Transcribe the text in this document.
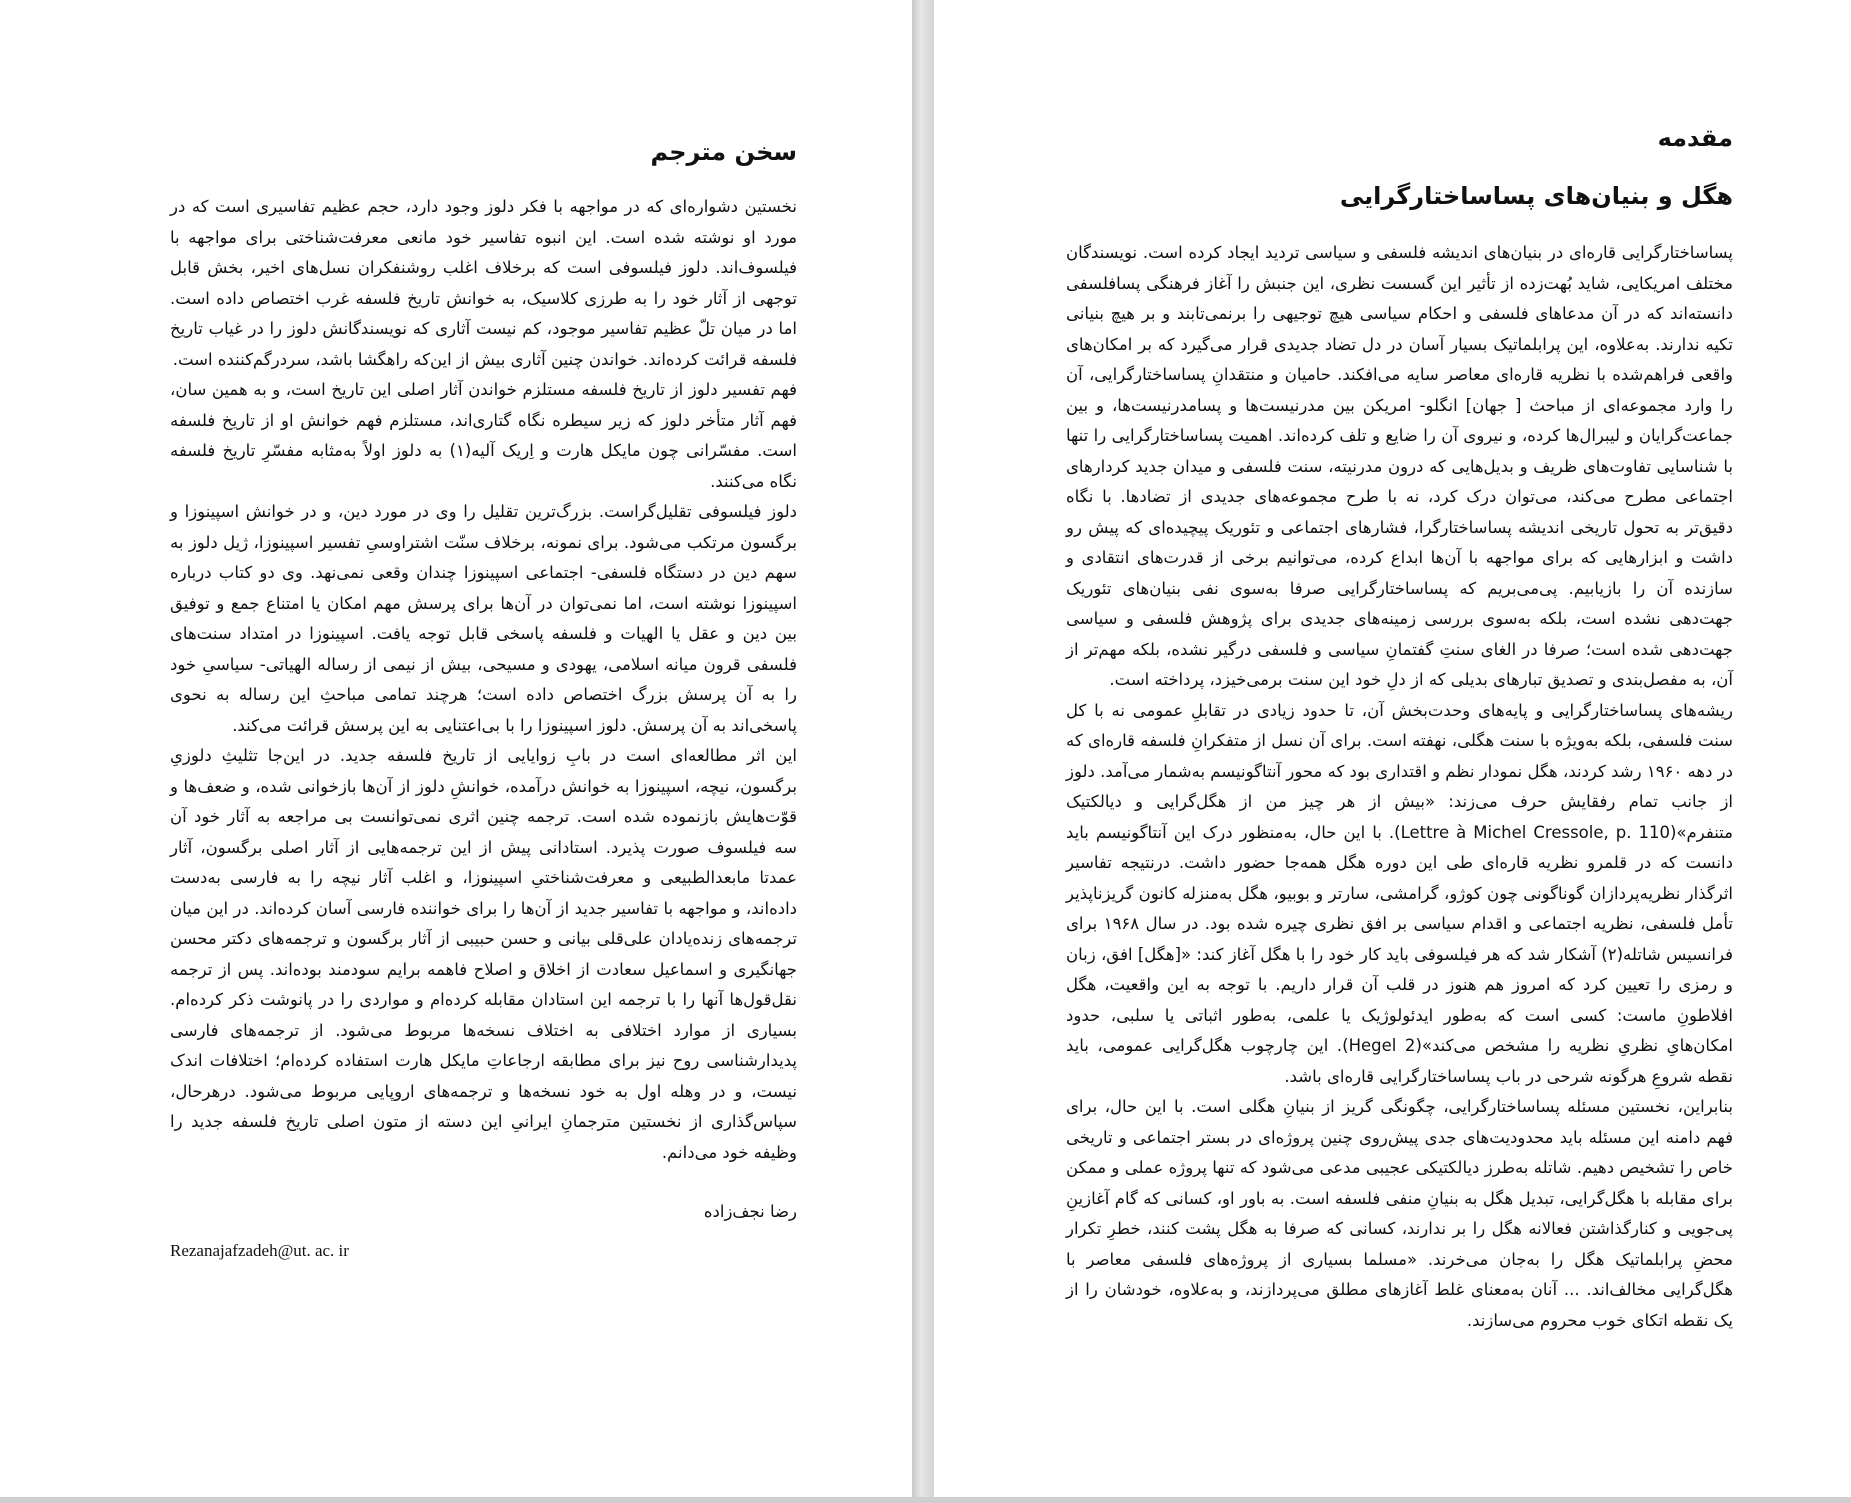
سخن مترجم

نخستین دشواره‌ای که در مواجهه با فکر دلوز وجود دارد، حجم عظیم تفاسیری است که در مورد او نوشته شده است. این انبوه تفاسیر خود مانعی معرفت‌شناختی برای مواجهه با فیلسوف‌اند. دلوز فیلسوفی است که برخلاف اغلب روشنفکران نسل‌های اخیر، بخش قابل توجهی از آثار خود را به طرزی کلاسیک، به خوانش تاریخ فلسفه غرب اختصاص داده است. اما در میان تلّ عظیم تفاسیر موجود، کم نیست آثاری که نویسندگانش دلوز را در غیاب تاریخ فلسفه قرائت کرده‌اند. خواندن چنین آثاری بیش از این‌که راهگشا باشد، سردرگم‌کننده است.

فهم تفسیر دلوز از تاریخ فلسفه مستلزم خواندن آثار اصلی این تاریخ است، و به همین سان، فهم آثار متأخر دلوز که زیر سیطره نگاه گتاری‌اند، مستلزم فهم خوانش او از تاریخ فلسفه است. مفسّرانی چون مایکل هارت و اِریک آلیه(۱) به دلوز اولاً به‌مثابه مفسّرِ تاریخ فلسفه نگاه می‌کنند.

دلوز فیلسوفی تقلیل‌گراست. بزرگ‌ترین تقلیل را وی در مورد دین، و در خوانش اسپینوزا و برگسون مرتکب می‌شود. برای نمونه، برخلاف سنّت اشتراوسیِ تفسیر اسپینوزا، ژیل دلوز به سهم دین در دستگاه فلسفی- اجتماعی اسپینوزا چندان وقعی نمی‌نهد. وی دو کتاب درباره اسپینوزا نوشته است، اما نمی‌توان در آن‌ها برای پرسش مهم امکان یا امتناع جمع و توفیق بین دین و عقل یا الهیات و فلسفه پاسخی قابل توجه یافت. اسپینوزا در امتداد سنت‌های فلسفی قرون میانه اسلامی، یهودی و مسیحی، بیش از نیمی از رساله الهیاتی- سیاسیِ خود را به آن پرسش بزرگ اختصاص داده است؛ هرچند تمامی مباحثِ این رساله به نحوی پاسخی‌اند به آن پرسش. دلوز اسپینوزا را با بی‌اعتنایی به این پرسش قرائت می‌کند.

این اثر مطالعه‌ای است در بابِ زوایایی از تاریخ فلسفه جدید. در این‌جا تثلیثِ دلوزیِ برگسون، نیچه، اسپینوزا به خوانش درآمده، خوانشِ دلوز از آن‌ها بازخوانی شده، و ضعف‌ها و قوّت‌هایش بازنموده شده است. ترجمه چنین اثری نمی‌توانست بی مراجعه به آثار خود آن سه فیلسوف صورت پذیرد. استادانی پیش از این ترجمه‌هایی از آثار اصلی برگسون، آثار عمدتا مابعدالطبیعی و معرفت‌شناختیِ اسپینوزا، و اغلب آثار نیچه را به فارسی به‌دست داده‌اند، و مواجهه با تفاسیر جدید از آن‌ها را برای خواننده فارسی آسان کرده‌اند. در این میان ترجمه‌های زنده‌یادان علی‌قلی بیانی و حسن حبیبی از آثار برگسون و ترجمه‌های دکتر محسن جهانگیری و اسماعیل سعادت از اخلاق و اصلاح فاهمه برایم سودمند بوده‌اند. پس از ترجمه نقل‌قول‌ها آنها را با ترجمه این استادان مقابله کرده‌ام و مواردی را در پانوشت ذکر کرده‌ام. بسیاری از موارد اختلافی به اختلاف نسخه‌ها مربوط می‌شود. از ترجمه‌های فارسی پدیدارشناسی روح نیز برای مطابقه ارجاعاتِ مایکل هارت استفاده کرده‌ام؛ اختلافات اندک نیست، و در وهله اول به خود نسخه‌ها و ترجمه‌های اروپایی مربوط می‌شود. درهرحال، سپاس‌گذاری از نخستین مترجمانِ ایرانیِ این دسته از متون اصلی تاریخ فلسفه جدید را وظیفه خود می‌دانم.

رضا نجف‌زاده

Rezanajafzadeh@ut. ac. ir

مقدمه
هگل و بنیان‌های پساساختارگرایی

پساساختارگرایی قاره‌ای در بنیان‌های اندیشه فلسفی و سیاسی تردید ایجاد کرده است. نویسندگان مختلف امریکایی، شاید بُهت‌زده از تأثیر این گسست نظری، این جنبش را آغاز فرهنگی پسافلسفی دانسته‌اند که در آن مدعاهای فلسفی و احکام سیاسی هیچ توجیهی را برنمی‌تابند و بر هیچ بنیانی تکیه ندارند. به‌علاوه، این پرابلماتیک بسیار آسان در دل تضاد جدیدی قرار می‌گیرد که بر امکان‌های واقعی فراهم‌شده با نظریه قاره‌ای معاصر سایه می‌افکند. حامیان و منتقدانِ پساساختارگرایی، آن را وارد مجموعه‌ای از مباحث [ جهان] انگلو- امریکن بین مدرنیست‌ها و پسامدرنیست‌ها، و بین جماعت‌گرایان و لیبرال‌ها کرده، و نیروی آن را ضایع و تلف کرده‌اند. اهمیت پساساختارگرایی را تنها با شناسایی تفاوت‌های ظریف و بدیل‌هایی که درون مدرنیته، سنت فلسفی و میدان جدید کردارهای اجتماعی مطرح می‌کند، می‌توان درک کرد، نه با طرح مجموعه‌های جدیدی از تضادها. با نگاه دقیق‌تر به تحول تاریخی اندیشه پساساختارگرا، فشارهای اجتماعی و تئوریک پیچیده‌ای که پیش رو داشت و ابزارهایی که برای مواجهه با آن‌ها ابداع کرده، می‌توانیم برخی از قدرت‌های انتقادی و سازنده آن را بازیابیم. پی‌می‌بریم که پساساختارگرایی صرفا به‌سوی نفی بنیان‌های تئوریک جهت‌دهی نشده است، بلکه به‌سوی بررسی زمینه‌های جدیدی برای پژوهش فلسفی و سیاسی جهت‌دهی شده است؛ صرفا در الغای سنتِ گفتمانِ سیاسی و فلسفی درگیر نشده، بلکه مهم‌تر از آن، به مفصل‌بندی و تصدیق تبارهای بدیلی که از دلِ خود این سنت برمی‌خیزد، پرداخته است.

ریشه‌های پساساختارگرایی و پایه‌های وحدت‌بخش آن، تا حدود زیادی در تقابلِ عمومی نه با کل سنت فلسفی، بلکه به‌ویژه با سنت هگلی، نهفته است. برای آن نسل از متفکرانِ فلسفه قاره‌ای که در دهه ۱۹۶۰ رشد کردند، هگل نمودار نظم و اقتداری بود که محور آنتاگونیسم به‌شمار می‌آمد. دلوز از جانب تمام رفقایش حرف می‌زند: «بیش از هر چیز من از هگل‌گرایی و دیالکتیک متنفرم»(Lettre à Michel Cressole, p. 110). با این حال، به‌منظور درک این آنتاگونیسم باید دانست که در قلمرو نظریه قاره‌ای طی این دوره هگل همه‌جا حضور داشت. درنتیجه تفاسیر اثرگذار نظریه‌پردازان گوناگونی چون کوژو، گرامشی، سارتر و بوبیو، هگل به‌منزله کانون گریزناپذیر تأمل فلسفی، نظریه اجتماعی و اقدام سیاسی بر افق نظری چیره شده بود. در سال ۱۹۶۸ برای فرانسیس شاتله(۲) آشکار شد که هر فیلسوفی باید کار خود را با هگل آغاز کند: «[هگل] افق، زبان و رمزی را تعیین کرد که امروز هم هنوز در قلب آن قرار داریم. با توجه به این واقعیت، هگل افلاطونِ ماست: کسی است که به‌طور ایدئولوژیک یا علمی، به‌طور اثباتی یا سلبی، حدود امکان‌هایِ نظریِ نظریه را مشخص می‌کند»(Hegel 2). این چارچوب هگل‌گرایی عمومی، باید نقطه شروعِ هرگونه شرحی در باب پساساختارگرایی قاره‌ای باشد.

بنابراین، نخستین مسئله پساساختارگرایی، چگونگی گریز از بنیانِ هگلی است. با این حال، برای فهم دامنه این مسئله باید محدودیت‌های جدی پیش‌روی چنین پروژه‌ای در بستر اجتماعی و تاریخی خاص را تشخیص دهیم. شاتله به‌طرز دیالکتیکی عجیبی مدعی می‌شود که تنها پروژه عملی و ممکن برای مقابله با هگل‌گرایی، تبدیل هگل به بنیانِ منفی فلسفه است. به باور او، کسانی که گام آغازینِ پی‌جویی و کنارگذاشتن فعالانه هگل را بر ندارند، کسانی که صرفا به هگل پشت کنند، خطرِ تکرار محضِ پرابلماتیک هگل را به‌جان می‌خرند. «مسلما بسیاری از پروژه‌های فلسفی معاصر با هگل‌گرایی مخالف‌اند. ... آنان به‌معنای غلط آغازهای مطلق می‌پردازند، و به‌علاوه، خودشان را از یک نقطه اتکای خوب محروم می‌سازند.
